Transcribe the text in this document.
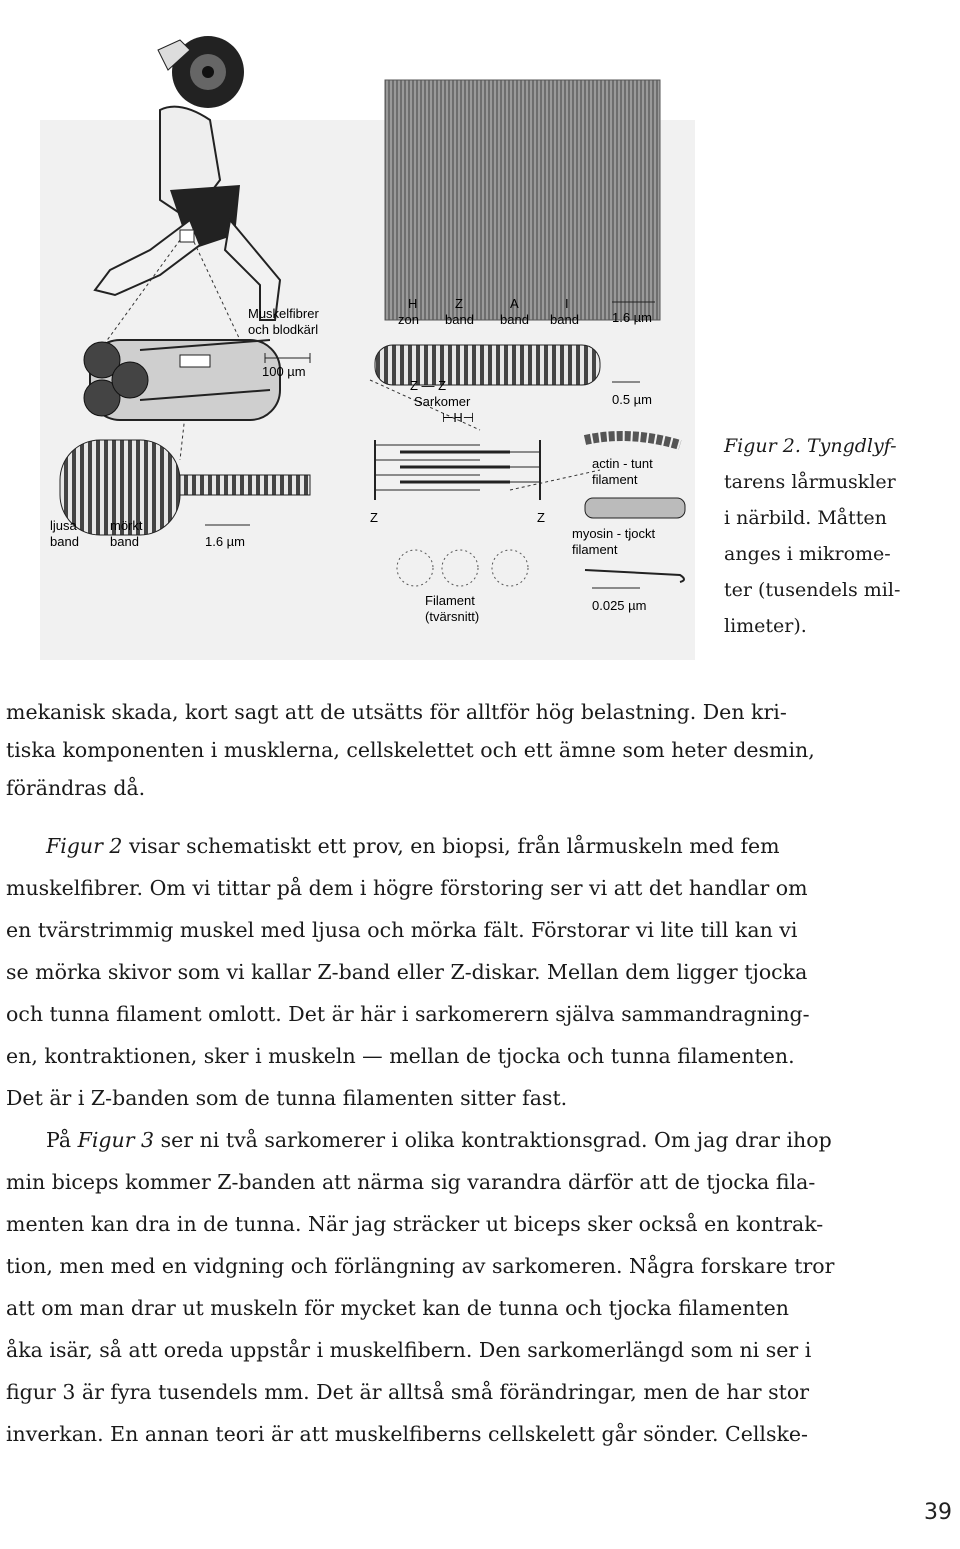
Muskelfibrer
och blodkärl
100 µm
H
zon
Z
band
A
band
I
band	1.6 µm
Z — Z
Sarkomer
⊢H⊣
0.5 µm
Z	Z
actin - tunt
filament
myosin - tjockt
filament
0.025 µm
Filament
(tvärsnitt)
ljusa
band
mörkt
band	1.6 µm
Figur 2. Tyngdlyf-
tarens lårmuskler
i närbild. Måtten
anges i mikrome-
ter (tusendels mil-
limeter).
mekanisk skada, kort sagt att de utsätts för alltför hög belastning. Den kri-
tiska komponenten i musklerna, cellskelettet och ett ämne som heter desmin,
förändras då.
Figur 2 visar schematiskt ett prov, en biopsi, från lårmuskeln med fem
muskelfibrer. Om vi tittar på dem i högre förstoring ser vi att det handlar om
en tvärstrimmig muskel med ljusa och mörka fält. Förstorar vi lite till kan vi
se mörka skivor som vi kallar Z-band eller Z-diskar. Mellan dem ligger tjocka
och tunna filament omlott. Det är här i sarkomerern själva sammandragning-
en, kontraktionen, sker i muskeln — mellan de tjocka och tunna filamenten.
Det är i Z-banden som de tunna filamenten sitter fast.
På Figur 3 ser ni två sarkomerer i olika kontraktionsgrad. Om jag drar ihop
min biceps kommer Z-banden att närma sig varandra därför att de tjocka fila-
menten kan dra in de tunna. När jag sträcker ut biceps sker också en kontrak-
tion, men med en vidgning och förlängning av sarkomeren. Några forskare tror
att om man drar ut muskeln för mycket kan de tunna och tjocka filamenten
åka isär, så att oreda uppstår i muskelfibern. Den sarkomerlängd som ni ser i
figur 3 är fyra tusendels mm. Det är alltså små förändringar, men de har stor
inverkan. En annan teori är att muskelfiberns cellskelett går sönder. Cellske-
39
